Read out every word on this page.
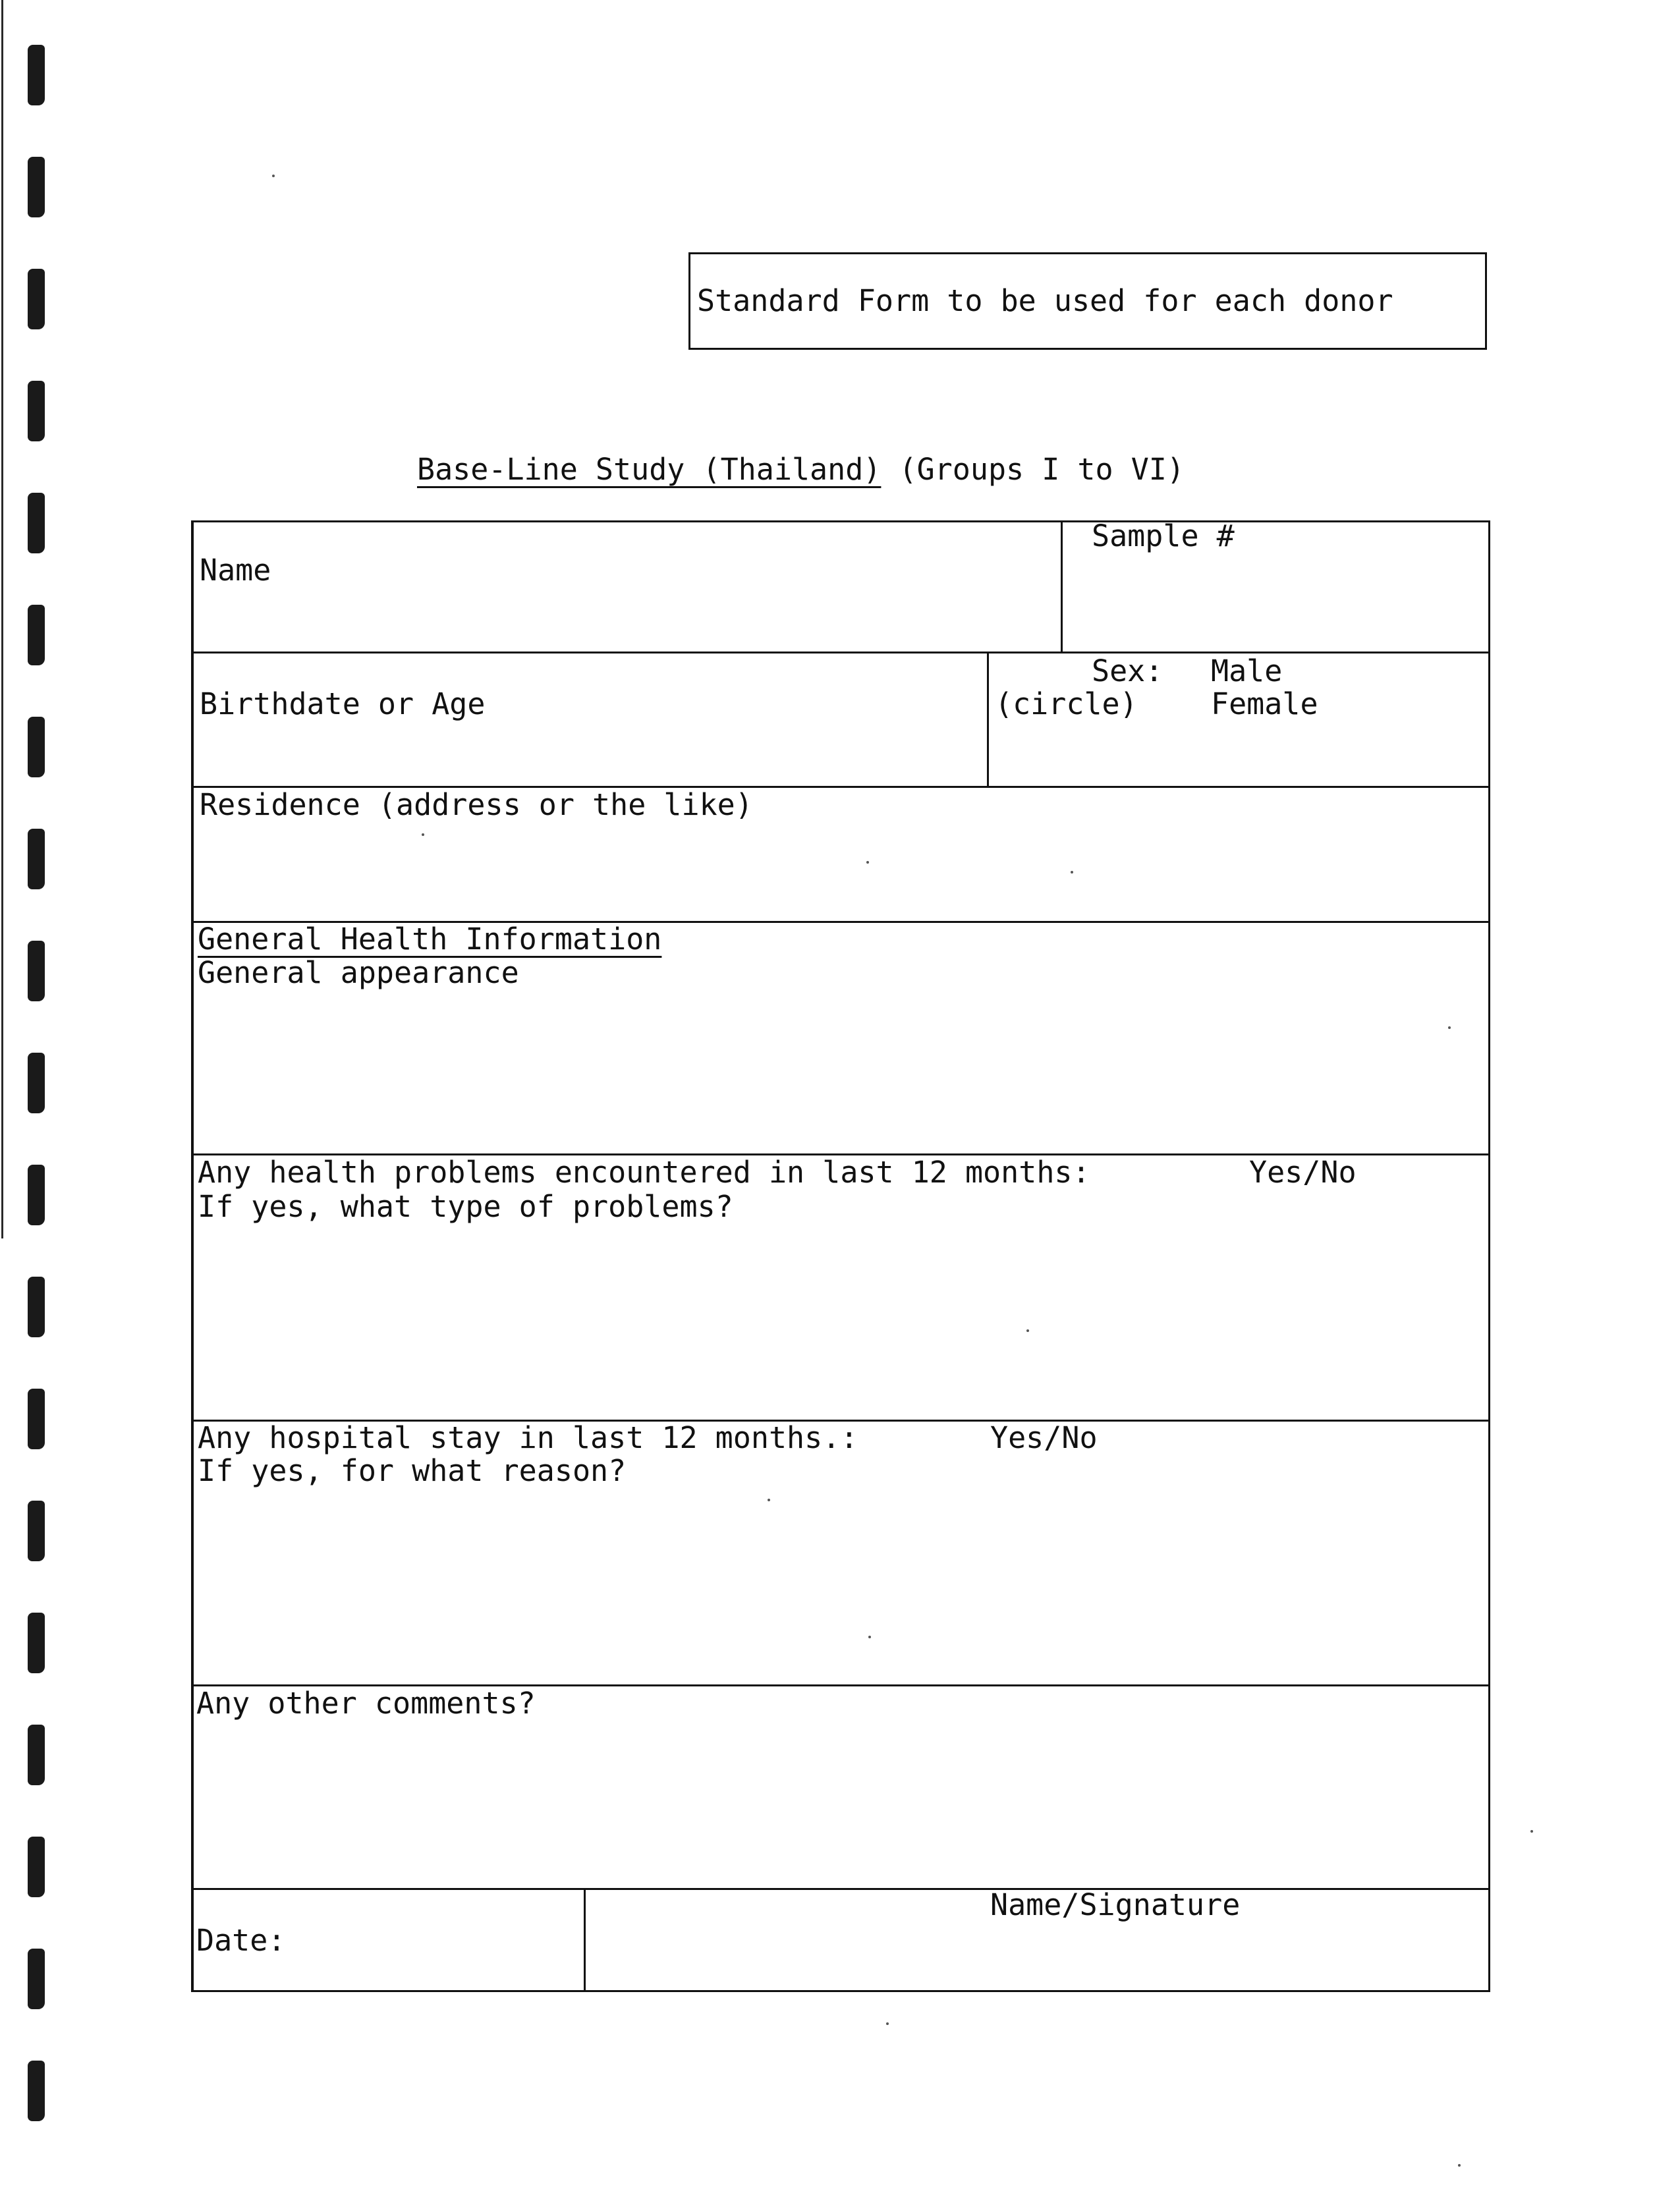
Standard Form to be used for each donor
Base-Line Study (Thailand) (Groups I to VI)
Name
Sample #
Birthdate or Age
Sex: Male
(circle) Female
Residence (address or the like)
General Health Information
General appearance
Any health problems encountered in last 12 months:	Yes/No
If yes, what type of problems?
Any hospital stay in last 12 months.:	Yes/No
If yes, for what reason?
Any other comments?
Date:
Name/Signature
